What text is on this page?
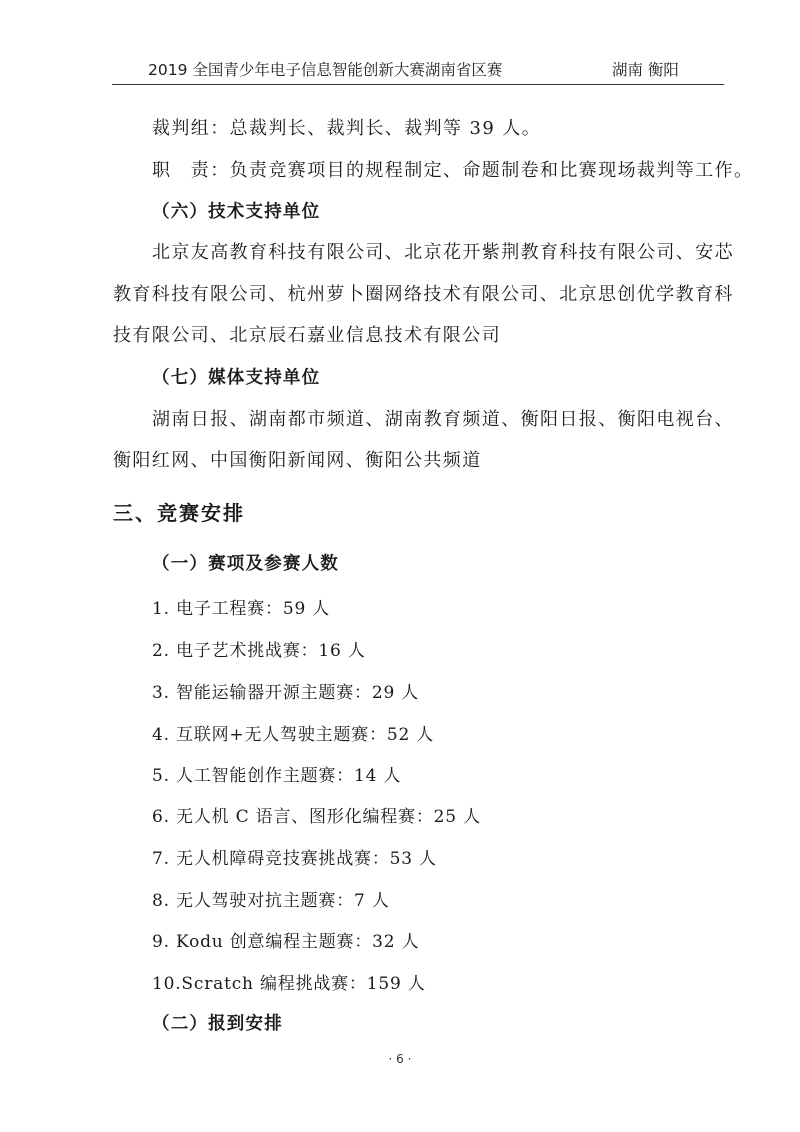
2019 全国青少年电子信息智能创新大赛湖南省区赛	湖南 衡阳
裁判组：总裁判长、裁判长、裁判等 39 人。
职　责：负责竞赛项目的规程制定、命题制卷和比赛现场裁判等工作。
（六）技术支持单位
北京友高教育科技有限公司、北京花开紫荆教育科技有限公司、安芯
教育科技有限公司、杭州萝卜圈网络技术有限公司、北京思创优学教育科
技有限公司、北京辰石嘉业信息技术有限公司
（七）媒体支持单位
湖南日报、湖南都市频道、湖南教育频道、衡阳日报、衡阳电视台、
衡阳红网、中国衡阳新闻网、衡阳公共频道
三、竞赛安排
（一）赛项及参赛人数
1. 电子工程赛：59 人
2. 电子艺术挑战赛：16 人
3. 智能运输器开源主题赛：29 人
4. 互联网+无人驾驶主题赛：52 人
5. 人工智能创作主题赛：14 人
6. 无人机 C 语言、图形化编程赛：25 人
7. 无人机障碍竞技赛挑战赛：53 人
8. 无人驾驶对抗主题赛：7 人
9. Kodu 创意编程主题赛：32 人
10.Scratch 编程挑战赛：159 人
（二）报到安排
· 6 ·
